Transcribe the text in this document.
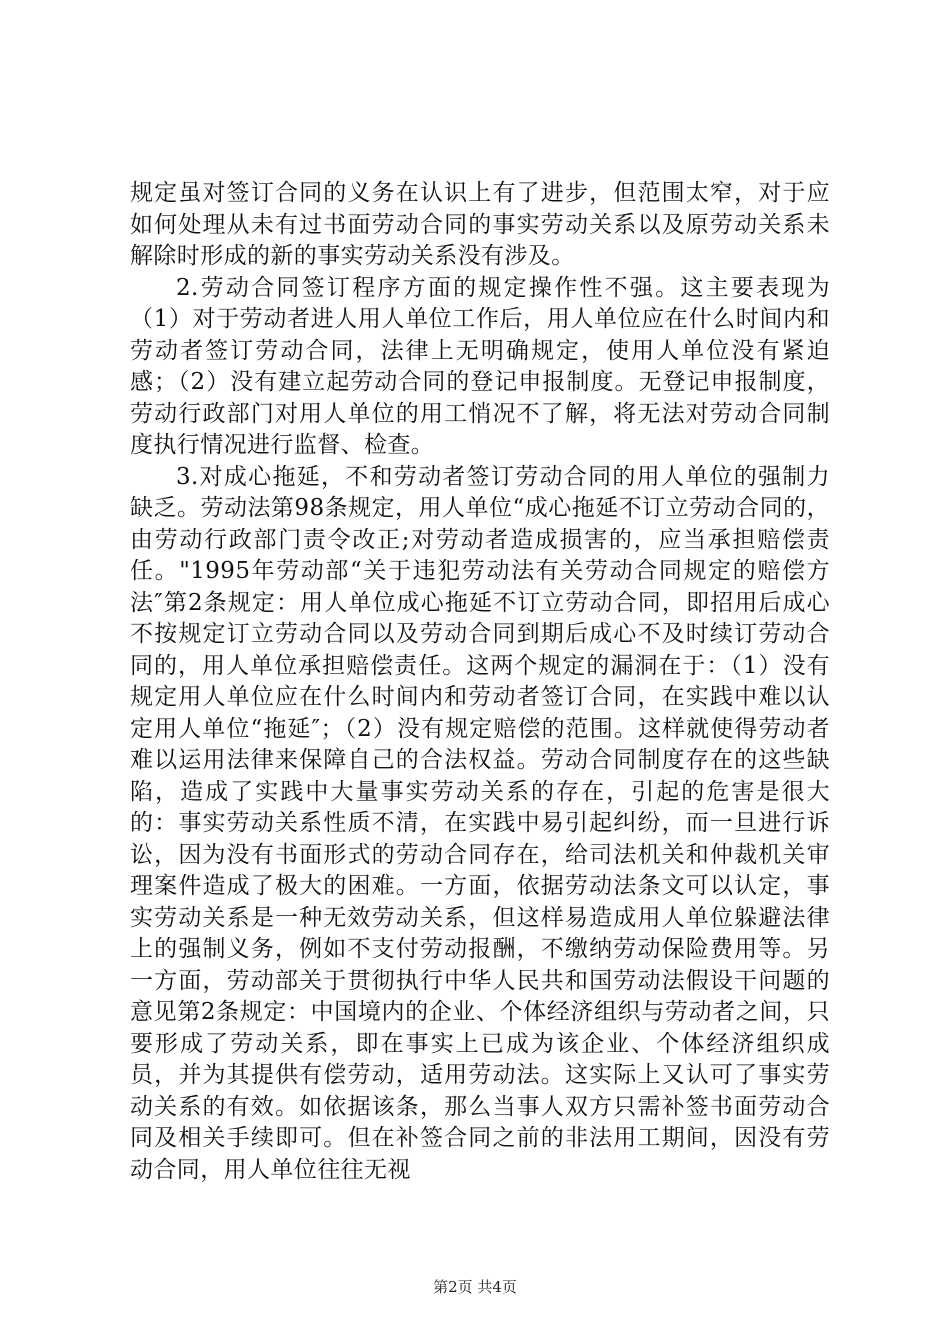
规定虽对签订合同的义务在认识上有了进步，但范围太窄，对于应如何处理从未有过书面劳动合同的事实劳动关系以及原劳动关系未解除时形成的新的事实劳动关系没有涉及。

2.劳动合同签订程序方面的规定操作性不强。这主要表现为（1）对于劳动者进人用人单位工作后，用人单位应在什么时间内和劳动者签订劳动合同，法律上无明确规定，使用人单位没有紧迫感；（2）没有建立起劳动合同的登记申报制度。无登记申报制度，劳动行政部门对用人单位的用工悄况不了解，将无法对劳动合同制度执行情况进行监督、检查。

3.对成心拖延，不和劳动者签订劳动合同的用人单位的强制力缺乏。劳动法第98条规定，用人单位“成心拖延不订立劳动合同的，由劳动行政部门责令改正;对劳动者造成损害的，应当承担赔偿责任。"1995年劳动部“关于违犯劳动法有关劳动合同规定的赔偿方法″第2条规定：用人单位成心拖延不订立劳动合同，即招用后成心不按规定订立劳动合同以及劳动合同到期后成心不及时续订劳动合同的，用人单位承担赔偿责任。这两个规定的漏洞在于：（1）没有规定用人单位应在什么时间内和劳动者签订合同，在实践中难以认定用人单位“拖延″；（2）没有规定赔偿的范围。这样就使得劳动者难以运用法律来保障自己的合法权益。劳动合同制度存在的这些缺陷，造成了实践中大量事实劳动关系的存在，引起的危害是很大的：事实劳动关系性质不清，在实践中易引起纠纷，而一旦进行诉讼，因为没有书面形式的劳动合同存在，给司法机关和仲裁机关审理案件造成了极大的困难。一方面，依据劳动法条文可以认定，事实劳动关系是一种无效劳动关系，但这样易造成用人单位躲避法律上的强制义务，例如不支付劳动报酬，不缴纳劳动保险费用等。另一方面，劳动部关于贯彻执行中华人民共和国劳动法假设干问题的意见第2条规定：中国境内的企业、个体经济组织与劳动者之间，只要形成了劳动关系，即在事实上已成为该企业、个体经济组织成员，并为其提供有偿劳动，适用劳动法。这实际上又认可了事实劳动关系的有效。如依据该条，那么当事人双方只需补签书面劳动合同及相关手续即可。但在补签合同之前的非法用工期间，因没有劳动合同，用人单位往往无视

第2页 共4页
